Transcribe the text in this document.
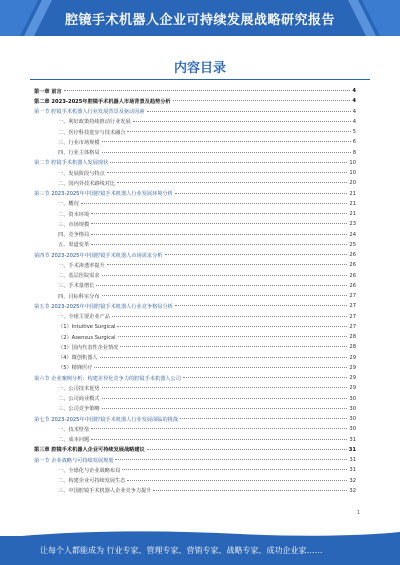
腔镜手术机器人企业可持续发展战略研究报告
内容目录
第一章 前言	4
第二章 2023-2025年腔镜手术机器人市场背景及趋势分析	4
第一节 腔镜手术机器人行业发展背景及驱动因素	4
一、利好政策持续推动行业发展	4
二、医疗科技进步与技术融合	5
三、行业市场规模	6
四、行业主体格局	8
第二节 腔镜手术机器人发展现状	10
一、发展阶段与特点	10
二、国内外技术路线对比	20
第三节 2023-2025年中国腔镜手术机器人行业发展环境分析	21
一、概况	21
二、资本环境	21
三、市场规模	23
四、竞争格局	24
五、渠道变革	25
第四节 2023-2025年中国腔镜手术机器人市场需求分析	26
一、手术渗透率提升	26
二、基层医院需求	26
三、手术量增长	26
四、目标科室分布	27
第五节 2023-2025年中国腔镜手术机器人行业竞争格局分析	27
一、全球主要企业产品	27
（1）Intuitive Surgical	27
（2）Asensus Surgical	28
（3）国内代表性企业情况	28
（4）微创机器人	29
（5）精锋医疗	29
第六节 企业案例分析：构建差异化竞争力的腔镜手术机器人公司	29
一、公司技术优势	29
二、公司商业模式	30
三、公司竞争策略	30
第七节 2023-2025年中国腔镜手术机器人行业发展面临的挑战	30
一、技术壁垒	30
二、成本问题	31
第三章 腔镜手术机器人企业可持续发展战略建议	31
第一节 企业战略与可持续发展规划	31
一、全球化与企业战略布局	31
二、构建企业可持续发展生态	32
三、中国腔镜手术机器人企业竞争力提升	32
1
让每个人都能成为 行业专家、管理专家、营销专家、战略专家、成功企业家……
